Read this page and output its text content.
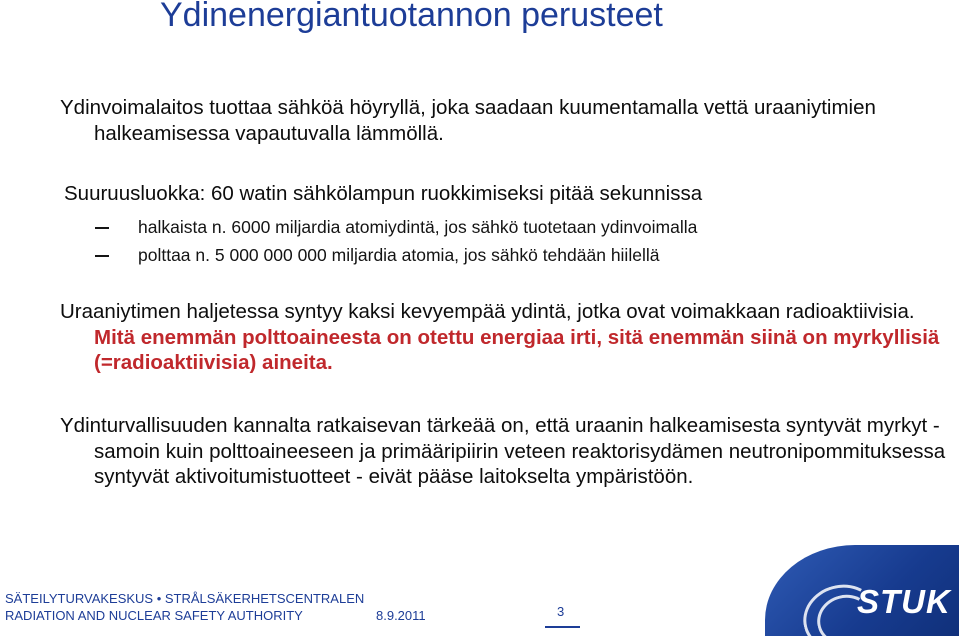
Ydinenergiantuotannon perusteet

Ydinvoimalaitos tuottaa sähköä höyryllä, joka saadaan kuumentamalla vettä uraaniytimien halkeamisessa vapautuvalla lämmöllä.

Suuruusluokka: 60 watin sähkölampun ruokkimiseksi pitää sekunnissa

halkaista n. 6000 miljardia atomiydintä, jos sähkö tuotetaan ydinvoimalla
polttaa n. 5 000 000 000 miljardia atomia, jos sähkö tehdään hiilellä

Uraaniytimen haljetessa syntyy kaksi kevyempää ydintä, jotka ovat voimakkaan radioaktiivisia. Mitä enemmän polttoaineesta on otettu energiaa irti, sitä enemmän siinä on myrkyllisiä (=radioaktiivisia) aineita.

Ydinturvallisuuden kannalta ratkaisevan tärkeää on, että uraanin halkeamisesta syntyvät myrkyt - samoin kuin polttoaineeseen ja primääripiirin veteen reaktorisydämen neutronipommituksessa syntyvät aktivoitumistuotteet - eivät pääse laitokselta ympäristöön.

SÄTEILYTURVAKESKUS • STRÅLSÄKERHETSCENTRALEN
RADIATION AND NUCLEAR SAFETY AUTHORITY	8.9.2011	3	STUK
